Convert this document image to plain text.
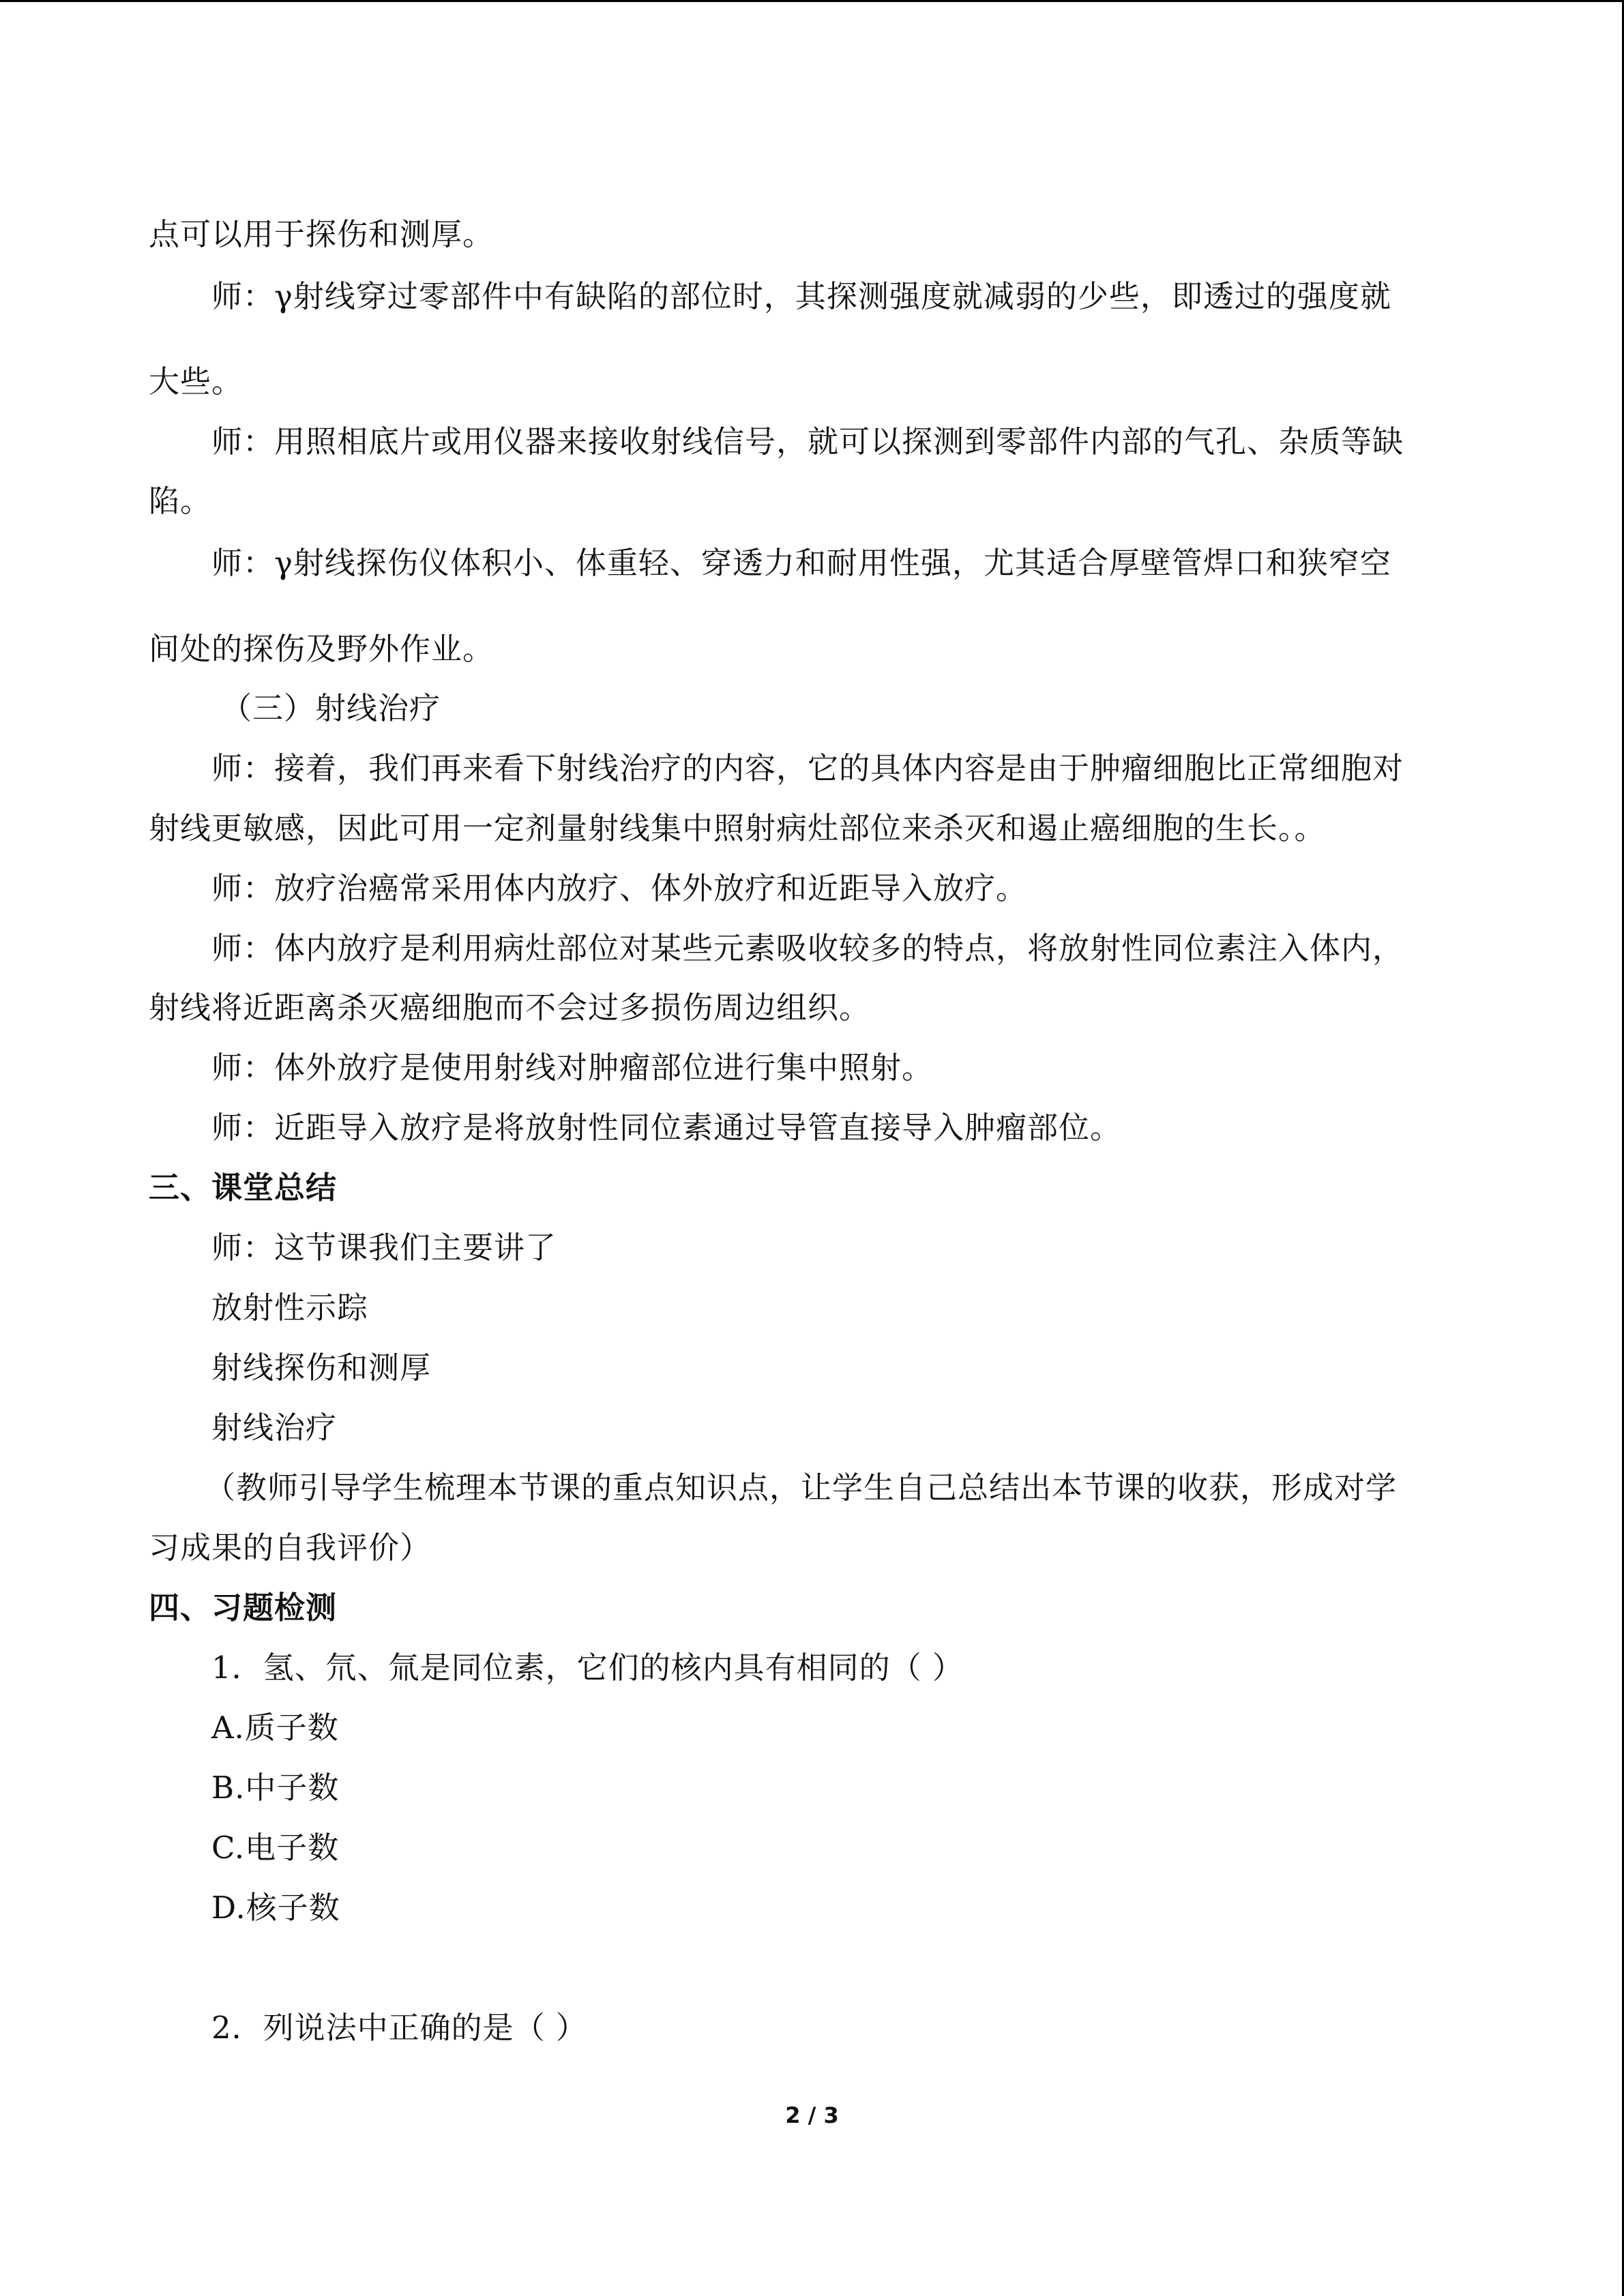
点可以用于探伤和测厚。
师：γ射线穿过零部件中有缺陷的部位时，其探测强度就减弱的少些，即透过的强度就
大些。
师：用照相底片或用仪器来接收射线信号，就可以探测到零部件内部的气孔、杂质等缺
陷。
师：γ射线探伤仪体积小、体重轻、穿透力和耐用性强，尤其适合厚壁管焊口和狭窄空
间处的探伤及野外作业。
（三）射线治疗
师：接着，我们再来看下射线治疗的内容，它的具体内容是由于肿瘤细胞比正常细胞对
射线更敏感，因此可用一定剂量射线集中照射病灶部位来杀灭和遏止癌细胞的生长。。
师：放疗治癌常采用体内放疗、体外放疗和近距导入放疗。
师：体内放疗是利用病灶部位对某些元素吸收较多的特点，将放射性同位素注入体内，
射线将近距离杀灭癌细胞而不会过多损伤周边组织。
师：体外放疗是使用射线对肿瘤部位进行集中照射。
师：近距导入放疗是将放射性同位素通过导管直接导入肿瘤部位。
三、课堂总结
师：这节课我们主要讲了
放射性示踪
射线探伤和测厚
射线治疗
（教师引导学生梳理本节课的重点知识点，让学生自己总结出本节课的收获，形成对学
习成果的自我评价）
四、习题检测
1．氢、氘、氚是同位素，它们的核内具有相同的（ ）
A.质子数
B.中子数
C.电子数
D.核子数
2．列说法中正确的是（ ）
2 / 3
